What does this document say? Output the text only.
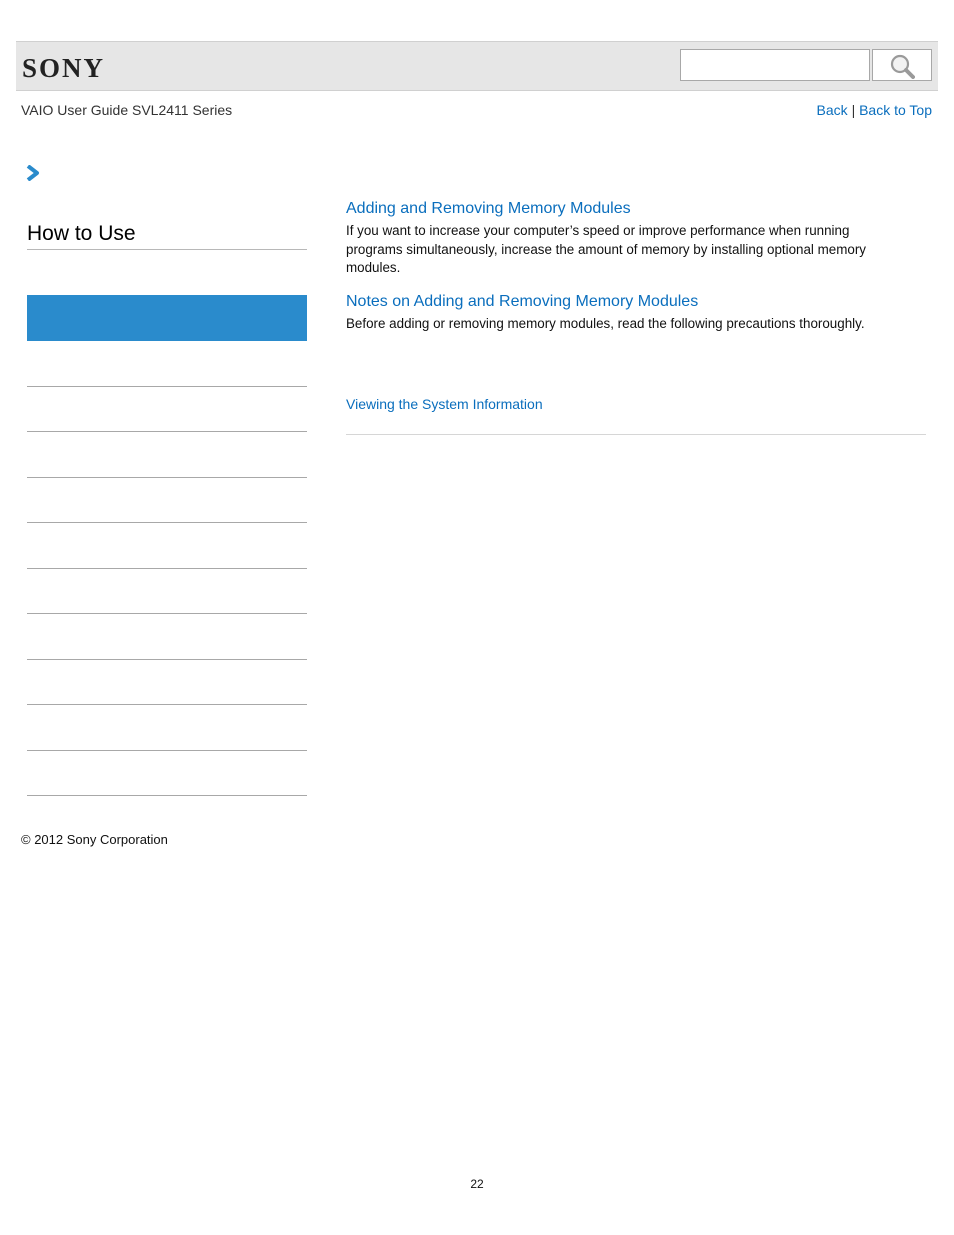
SONY
VAIO User Guide SVL2411 Series	Back | Back to Top
How to Use
Adding and Removing Memory Modules
If you want to increase your computer’s speed or improve performance when running programs simultaneously, increase the amount of memory by installing optional memory modules.
Notes on Adding and Removing Memory Modules
Before adding or removing memory modules, read the following precautions thoroughly.
Viewing the System Information
© 2012 Sony Corporation
22
